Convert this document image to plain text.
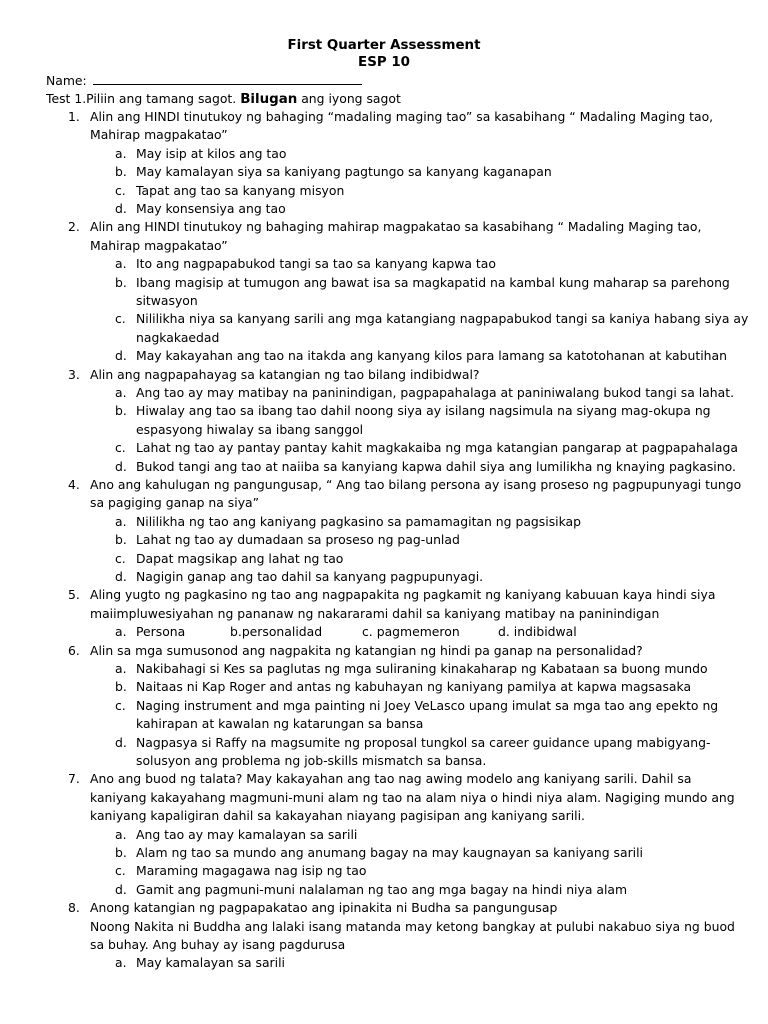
First Quarter Assessment
ESP 10
Name:
Test 1.Piliin ang tamang sagot. Bilugan ang iyong sagot
1. Alin ang HINDI tinutukoy ng bahaging “madaling maging tao” sa kasabihang “ Madaling Maging tao,
Mahirap magpakatao”
a. May isip at kilos ang tao
b. May kamalayan siya sa kaniyang pagtungo sa kanyang kaganapan
c. Tapat ang tao sa kanyang misyon
d. May konsensiya ang tao
2. Alin ang HINDI tinutukoy ng bahaging mahirap magpakatao sa kasabihang “ Madaling Maging tao,
Mahirap magpakatao”
a. Ito ang nagpapabukod tangi sa tao sa kanyang kapwa tao
b. Ibang magisip at tumugon ang bawat isa sa magkapatid na kambal kung maharap sa parehong
sitwasyon
c. Nililikha niya sa kanyang sarili ang mga katangiang nagpapabukod tangi sa kaniya habang siya ay
nagkakaedad
d. May kakayahan ang tao na itakda ang kanyang kilos para lamang sa katotohanan at kabutihan
3. Alin ang nagpapahayag sa katangian ng tao bilang indibidwal?
a. Ang tao ay may matibay na paninindigan, pagpapahalaga at paniniwalang bukod tangi sa lahat.
b. Hiwalay ang tao sa ibang tao dahil noong siya ay isilang nagsimula na siyang mag-okupa ng
espasyong hiwalay sa ibang sanggol
c. Lahat ng tao ay pantay pantay kahit magkakaiba ng mga katangian pangarap at pagpapahalaga
d. Bukod tangi ang tao at naiiba sa kanyiang kapwa dahil siya ang lumilikha ng knaying pagkasino.
4. Ano ang kahulugan ng pangungusap, “ Ang tao bilang persona ay isang proseso ng pagpupunyagi tungo
sa pagiging ganap na siya”
a. Nililikha ng tao ang kaniyang pagkasino sa pamamagitan ng pagsisikap
b. Lahat ng tao ay dumadaan sa proseso ng pag-unlad
c. Dapat magsikap ang lahat ng tao
d. Nagigin ganap ang tao dahil sa kanyang pagpupunyagi.
5. Aling yugto ng pagkasino ng tao ang nagpapakita ng pagkamit ng kaniyang kabuuan kaya hindi siya
maiimpluwesiyahan ng pananaw ng nakararami dahil sa kaniyang matibay na paninindigan
a. Persona	b.personalidad	c. pagmemeron	d. indibidwal
6. Alin sa mga sumusonod ang nagpakita ng katangian ng hindi pa ganap na personalidad?
a. Nakibahagi si Kes sa paglutas ng mga suliraning kinakaharap ng Kabataan sa buong mundo
b. Naitaas ni Kap Roger and antas ng kabuhayan ng kaniyang pamilya at kapwa magsasaka
c. Naging instrument and mga painting ni Joey VeLasco upang imulat sa mga tao ang epekto ng
kahirapan at kawalan ng katarungan sa bansa
d. Nagpasya si Raffy na magsumite ng proposal tungkol sa career guidance upang mabigyang-
solusyon ang problema ng job-skills mismatch sa bansa.
7. Ano ang buod ng talata? May kakayahan ang tao nag awing modelo ang kaniyang sarili. Dahil sa
kaniyang kakayahang magmuni-muni alam ng tao na alam niya o hindi niya alam. Nagiging mundo ang
kaniyang kapaligiran dahil sa kakayahan niayang pagisipan ang kaniyang sarili.
a. Ang tao ay may kamalayan sa sarili
b. Alam ng tao sa mundo ang anumang bagay na may kaugnayan sa kaniyang sarili
c. Maraming magagawa nag isip ng tao
d. Gamit ang pagmuni-muni nalalaman ng tao ang mga bagay na hindi niya alam
8. Anong katangian ng pagpapakatao ang ipinakita ni Budha sa pangungusap
Noong Nakita ni Buddha ang lalaki isang matanda may ketong bangkay at pulubi nakabuo siya ng buod
sa buhay. Ang buhay ay isang pagdurusa
a. May kamalayan sa sarili
